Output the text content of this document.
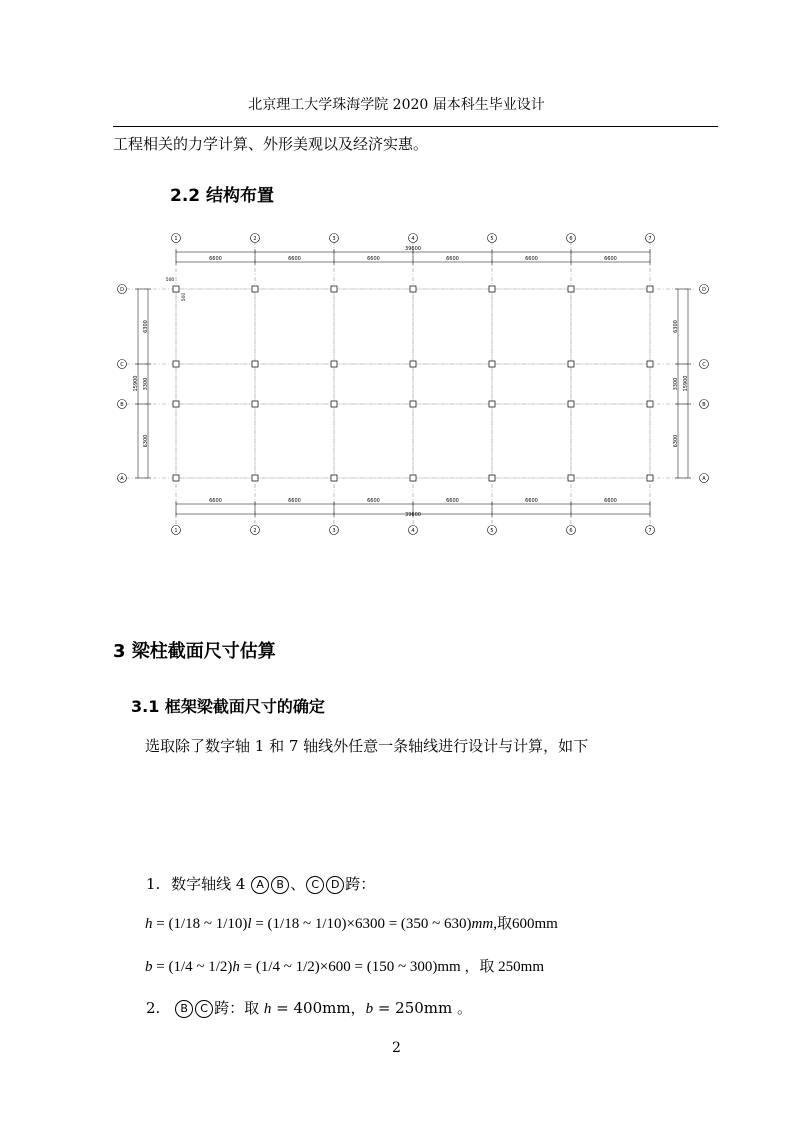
北京理工大学珠海学院 2020 届本科生毕业设计
工程相关的力学计算、外形美观以及经济实惠。
2.2 结构布置
1
1
2
2
3
3
4
4
5
5
6
6
7
7
D	D
C	C
B	B
A	A
39600
39600
6600
6600
6600
6600
6600
6600
6600
6600
6600
6600
6600
6600
6300	6300
3300	3300
6300	6300
15900	15900
500
500
3 梁柱截面尺寸估算
3.1 框架梁截面尺寸的确定
选取除了数字轴 1 和 7 轴线外任意一条轴线进行设计与计算，如下
1. 数字轴线 4 A B 、 C D 跨：
h = (1/18 ~ 1/10)l = (1/18 ~ 1/10)×6300 = (350 ~ 630)mm,取600mm
b = (1/4 ~ 1/2)h = (1/4 ~ 1/2)×600 = (150 ~ 300)mm ，取 250mm
2. B C 跨：取 h = 400mm，b = 250mm 。
2
